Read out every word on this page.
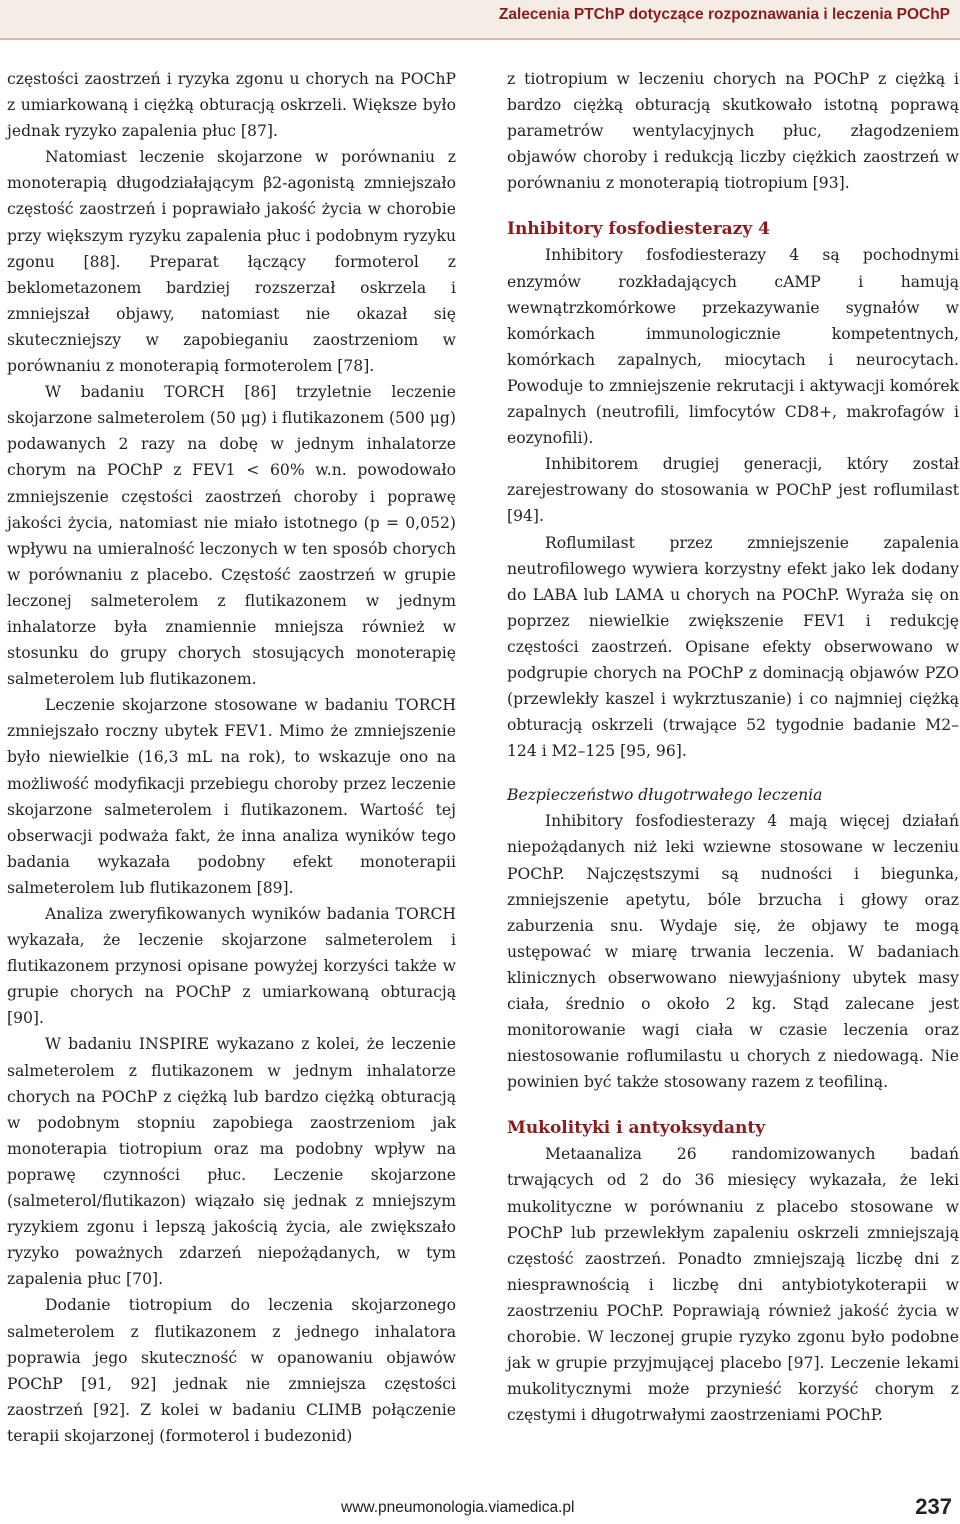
Zalecenia PTChP dotyczące rozpoznawania i leczenia POChP

częstości zaostrzeń i ryzyka zgonu u chorych na POChP z umiarkowaną i ciężką obturacją oskrzeli. Większe było jednak ryzyko zapalenia płuc [87].

Natomiast leczenie skojarzone w porównaniu z monoterapią długodziałającym β2-agonistą zmniejszało częstość zaostrzeń i poprawiało jakość życia w chorobie przy większym ryzyku zapalenia płuc i podobnym ryzyku zgonu [88]. Preparat łączący formoterol z beklometazonem bardziej rozszerzał oskrzela i zmniejszał objawy, natomiast nie okazał się skuteczniejszy w zapobieganiu zaostrzeniom w porównaniu z monoterapią formoterolem [78].

W badaniu TORCH [86] trzyletnie leczenie skojarzone salmeterolem (50 μg) i flutikazonem (500 μg) podawanych 2 razy na dobę w jednym inhalatorze chorym na POChP z FEV1 < 60% w.n. powodowało zmniejszenie częstości zaostrzeń choroby i poprawę jakości życia, natomiast nie miało istotnego (p = 0,052) wpływu na umieralność leczonych w ten sposób chorych w porównaniu z placebo. Częstość zaostrzeń w grupie leczonej salmeterolem z flutikazonem w jednym inhalatorze była znamiennie mniejsza również w stosunku do grupy chorych stosujących monoterapię salmeterolem lub flutikazonem.

Leczenie skojarzone stosowane w badaniu TORCH zmniejszało roczny ubytek FEV1. Mimo że zmniejszenie było niewielkie (16,3 mL na rok), to wskazuje ono na możliwość modyfikacji przebiegu choroby przez leczenie skojarzone salmeterolem i flutikazonem. Wartość tej obserwacji podważa fakt, że inna analiza wyników tego badania wykazała podobny efekt monoterapii salmeterolem lub flutikazonem [89].

Analiza zweryfikowanych wyników badania TORCH wykazała, że leczenie skojarzone salmeterolem i flutikazonem przynosi opisane powyżej korzyści także w grupie chorych na POChP z umiarkowaną obturacją [90].

W badaniu INSPIRE wykazano z kolei, że leczenie salmeterolem z flutikazonem w jednym inhalatorze chorych na POChP z ciężką lub bardzo ciężką obturacją w podobnym stopniu zapobiega zaostrzeniom jak monoterapia tiotropium oraz ma podobny wpływ na poprawę czynności płuc. Leczenie skojarzone (salmeterol/flutikazon) wiązało się jednak z mniejszym ryzykiem zgonu i lepszą jakością życia, ale zwiększało ryzyko poważnych zdarzeń niepożądanych, w tym zapalenia płuc [70].

Dodanie tiotropium do leczenia skojarzonego salmeterolem z flutikazonem z jednego inhalatora poprawia jego skuteczność w opanowaniu objawów POChP [91, 92] jednak nie zmniejsza częstości zaostrzeń [92]. Z kolei w badaniu CLIMB połączenie terapii skojarzonej (formoterol i budezonid)

z tiotropium w leczeniu chorych na POChP z ciężką i bardzo ciężką obturacją skutkowało istotną poprawą parametrów wentylacyjnych płuc, złagodzeniem objawów choroby i redukcją liczby ciężkich zaostrzeń w porównaniu z monoterapią tiotropium [93].

Inhibitory fosfodiesterazy 4

Inhibitory fosfodiesterazy 4 są pochodnymi enzymów rozkładających cAMP i hamują wewnątrzkomórkowe przekazywanie sygnałów w komórkach immunologicznie kompetentnych, komórkach zapalnych, miocytach i neurocytach. Powoduje to zmniejszenie rekrutacji i aktywacji komórek zapalnych (neutrofili, limfocytów CD8+, makrofagów i eozynofili).

Inhibitorem drugiej generacji, który został zarejestrowany do stosowania w POChP jest roflumilast [94].

Roflumilast przez zmniejszenie zapalenia neutrofilowego wywiera korzystny efekt jako lek dodany do LABA lub LAMA u chorych na POChP. Wyraża się on poprzez niewielkie zwiększenie FEV1 i redukcję częstości zaostrzeń. Opisane efekty obserwowano w podgrupie chorych na POChP z dominacją objawów PZO (przewlekły kaszel i wykrztuszanie) i co najmniej ciężką obturacją oskrzeli (trwające 52 tygodnie badanie M2–124 i M2–125 [95, 96].

Bezpieczeństwo długotrwałego leczenia

Inhibitory fosfodiesterazy 4 mają więcej działań niepożądanych niż leki wziewne stosowane w leczeniu POChP. Najczęstszymi są nudności i biegunka, zmniejszenie apetytu, bóle brzucha i głowy oraz zaburzenia snu. Wydaje się, że objawy te mogą ustępować w miarę trwania leczenia. W badaniach klinicznych obserwowano niewyjaśniony ubytek masy ciała, średnio o około 2 kg. Stąd zalecane jest monitorowanie wagi ciała w czasie leczenia oraz niestosowanie roflumilastu u chorych z niedowagą. Nie powinien być także stosowany razem z teofiliną.

Mukolityki i antyoksydanty

Metaanaliza 26 randomizowanych badań trwających od 2 do 36 miesięcy wykazała, że leki mukolityczne w porównaniu z placebo stosowane w POChP lub przewlekłym zapaleniu oskrzeli zmniejszają częstość zaostrzeń. Ponadto zmniejszają liczbę dni z niesprawnością i liczbę dni antybiotykoterapii w zaostrzeniu POChP. Poprawiają również jakość życia w chorobie. W leczonej grupie ryzyko zgonu było podobne jak w grupie przyjmującej placebo [97]. Leczenie lekami mukolitycznymi może przynieść korzyść chorym z częstymi i długotrwałymi zaostrzeniami POChP.

www.pneumonologia.viamedica.pl	237
